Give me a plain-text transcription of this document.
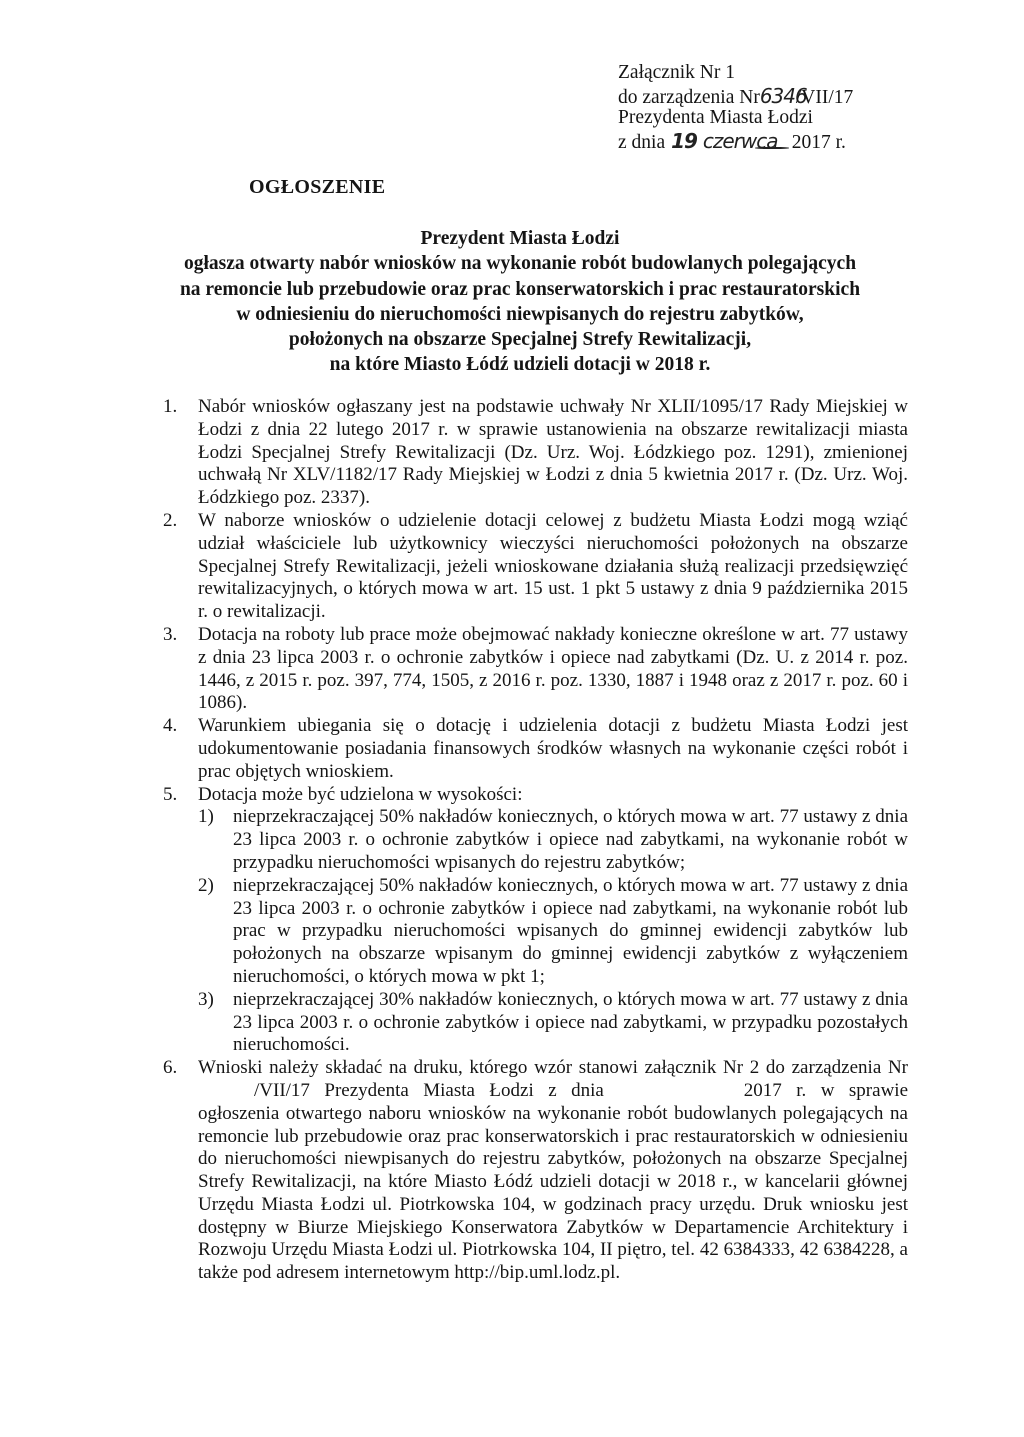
Załącznik Nr 1
do zarządzenia Nr6346/VII/17
Prezydenta Miasta Łodzi
z dnia 19 czerwca 2017 r.
OGŁOSZENIE
Prezydent Miasta Łodzi
ogłasza otwarty nabór wniosków na wykonanie robót budowlanych polegających
na remoncie lub przebudowie oraz prac konserwatorskich i prac restauratorskich
w odniesieniu do nieruchomości niewpisanych do rejestru zabytków,
położonych na obszarze Specjalnej Strefy Rewitalizacji,
na które Miasto Łódź udzieli dotacji w 2018 r.
1. Nabór wniosków ogłaszany jest na podstawie uchwały Nr XLII/1095/17 Rady Miejskiej w Łodzi z dnia 22 lutego 2017 r. w sprawie ustanowienia na obszarze rewitalizacji miasta Łodzi Specjalnej Strefy Rewitalizacji (Dz. Urz. Woj. Łódzkiego poz. 1291), zmienionej uchwałą Nr XLV/1182/17 Rady Miejskiej w Łodzi z dnia 5 kwietnia 2017 r. (Dz. Urz. Woj. Łódzkiego poz. 2337).
2. W naborze wniosków o udzielenie dotacji celowej z budżetu Miasta Łodzi mogą wziąć udział właściciele lub użytkownicy wieczyści nieruchomości położonych na obszarze Specjalnej Strefy Rewitalizacji, jeżeli wnioskowane działania służą realizacji przedsięwzięć rewitalizacyjnych, o których mowa w art. 15 ust. 1 pkt 5 ustawy z dnia 9 października 2015 r. o rewitalizacji.
3. Dotacja na roboty lub prace może obejmować nakłady konieczne określone w art. 77 ustawy z dnia 23 lipca 2003 r. o ochronie zabytków i opiece nad zabytkami (Dz. U. z 2014 r. poz. 1446, z 2015 r. poz. 397, 774, 1505, z 2016 r. poz. 1330, 1887 i 1948 oraz z 2017 r. poz. 60 i 1086).
4. Warunkiem ubiegania się o dotację i udzielenia dotacji z budżetu Miasta Łodzi jest udokumentowanie posiadania finansowych środków własnych na wykonanie części robót i prac objętych wnioskiem.
5. Dotacja może być udzielona w wysokości:
1) nieprzekraczającej 50% nakładów koniecznych, o których mowa w art. 77 ustawy z dnia 23 lipca 2003 r. o ochronie zabytków i opiece nad zabytkami, na wykonanie robót w przypadku nieruchomości wpisanych do rejestru zabytków;
2) nieprzekraczającej 50% nakładów koniecznych, o których mowa w art. 77 ustawy z dnia 23 lipca 2003 r. o ochronie zabytków i opiece nad zabytkami, na wykonanie robót lub prac w przypadku nieruchomości wpisanych do gminnej ewidencji zabytków lub położonych na obszarze wpisanym do gminnej ewidencji zabytków z wyłączeniem nieruchomości, o których mowa w pkt 1;
3) nieprzekraczającej 30% nakładów koniecznych, o których mowa w art. 77 ustawy z dnia 23 lipca 2003 r. o ochronie zabytków i opiece nad zabytkami, w przypadku pozostałych nieruchomości.
6. Wnioski należy składać na druku, którego wzór stanowi załącznik Nr 2 do zarządzenia Nr/VII/17 Prezydenta Miasta Łodzi z dnia	2017 r. w sprawie ogłoszenia otwartego naboru wniosków na wykonanie robót budowlanych polegających na remoncie lub przebudowie oraz prac konserwatorskich i prac restauratorskich w odniesieniu do nieruchomości niewpisanych do rejestru zabytków, położonych na obszarze Specjalnej Strefy Rewitalizacji, na które Miasto Łódź udzieli dotacji w 2018 r., w kancelarii głównej Urzędu Miasta Łodzi ul. Piotrkowska 104, w godzinach pracy urzędu. Druk wniosku jest dostępny w Biurze Miejskiego Konserwatora Zabytków w Departamencie Architektury i Rozwoju Urzędu Miasta Łodzi ul. Piotrkowska 104, II piętro, tel. 42 6384333, 42 6384228, a także pod adresem internetowym http://bip.uml.lodz.pl.
